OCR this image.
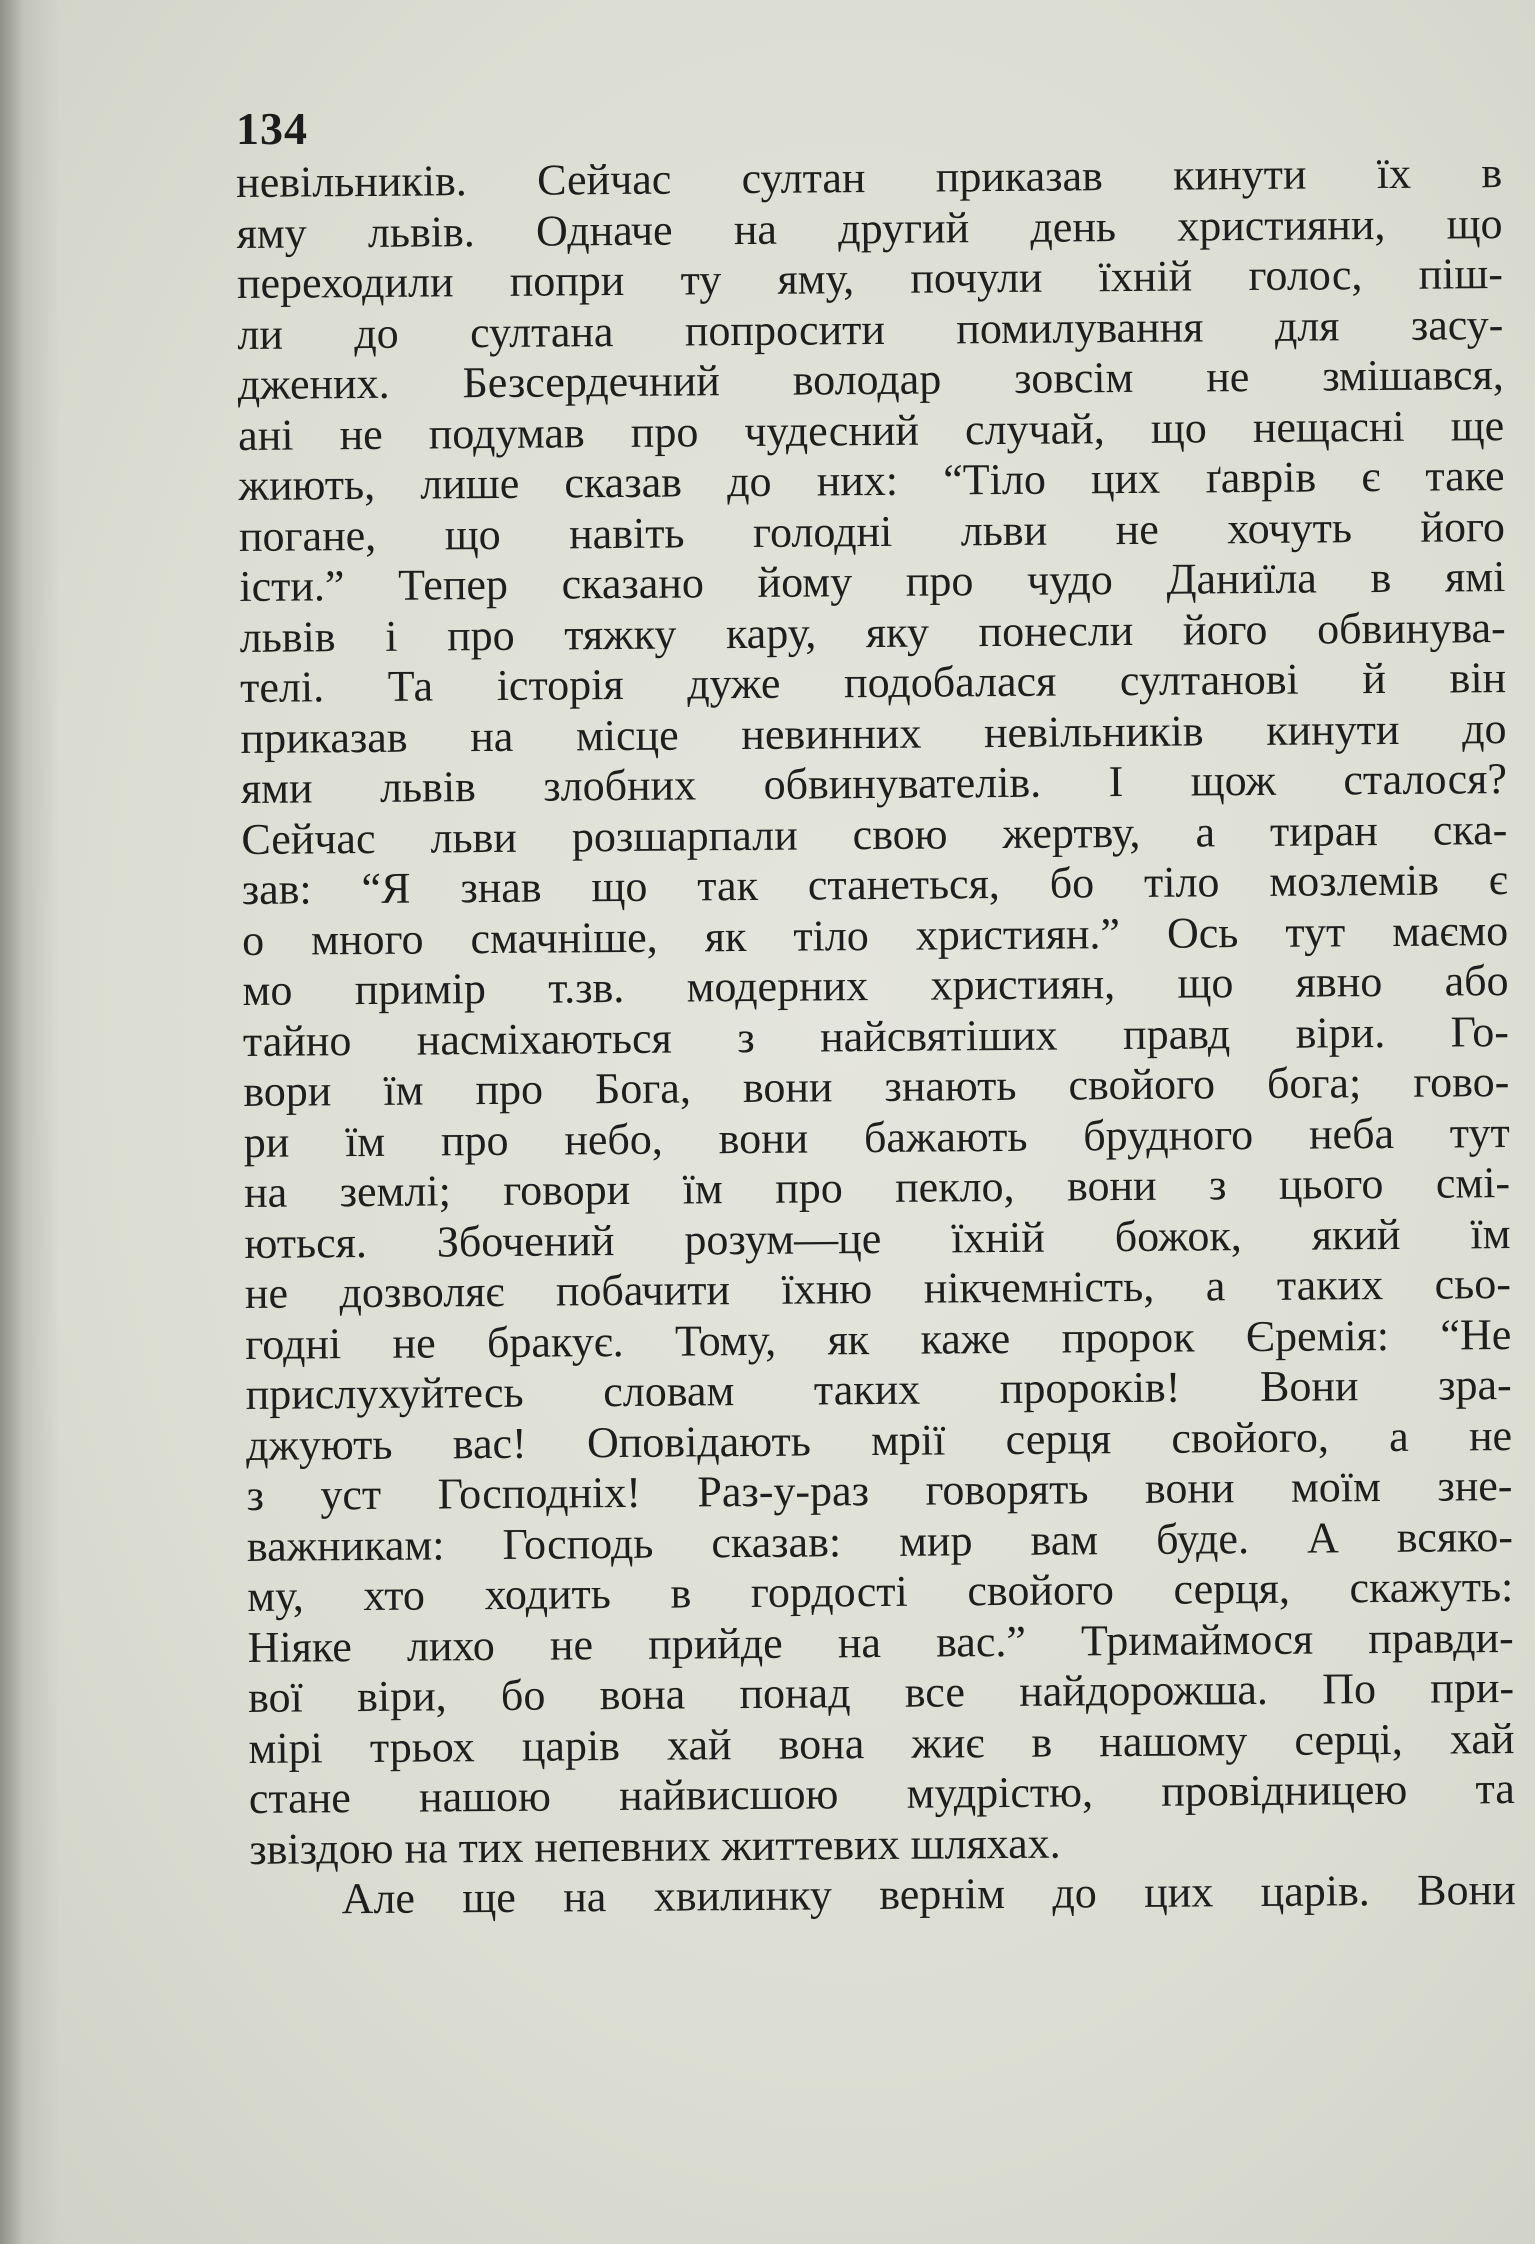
134
невільників. Сейчас султан приказав кинути їх в
яму львів. Одначе на другий день християни, що
переходили попри ту яму, почули їхній голос, піш-
ли до султана попросити помилування для засу-
джених. Безсердечний володар зовсім не змішався,
ані не подумав про чудесний случай, що нещасні ще
жиють, лише сказав до них: “Тіло цих ґаврів є таке
погане, що навіть голодні льви не хочуть його
істи.” Тепер сказано йому про чудо Даниїла в ямі
львів і про тяжку кару, яку понесли його обвинува-
телі. Та історія дуже подобалася султанові й він
приказав на місце невинних невільників кинути до
ями львів злобних обвинувателів. І щож сталося?
Сейчас льви розшарпали свою жертву, а тиран ска-
зав: “Я знав що так станеться, бо тіло мозлемів є
о много смачніше, як тіло християн.” Ось тут маємо
мо примір т.зв. модерних християн, що явно або
тайно насміхаються з найсвятіших правд віри. Го-
вори їм про Бога, вони знають свойого бога; гово-
ри їм про небо, вони бажають брудного неба тут
на землі; говори їм про пекло, вони з цього смі-
ються. Збочений розум—це їхній божок, який їм
не дозволяє побачити їхню нікчемність, а таких сьо-
годні не бракує. Тому, як каже пророк Єремія: “Не
прислухуйтесь словам таких пророків! Вони зра-
джують вас! Оповідають мрії серця свойого, а не
з уст Господніх! Раз-у-раз говорять вони моїм зне-
важникам: Господь сказав: мир вам буде. А всяко-
му, хто ходить в гордості свойого серця, скажуть:
Ніяке лихо не прийде на вас.” Тримаймося правди-
вої віри, бо вона понад все найдорожша. По при-
мірі трьох царів хай вона жиє в нашому серці, хай
стане нашою найвисшою мудрістю, провідницею та
звіздою на тих непевних життевих шляхах.
Але ще на хвилинку вернім до цих царів. Вони
